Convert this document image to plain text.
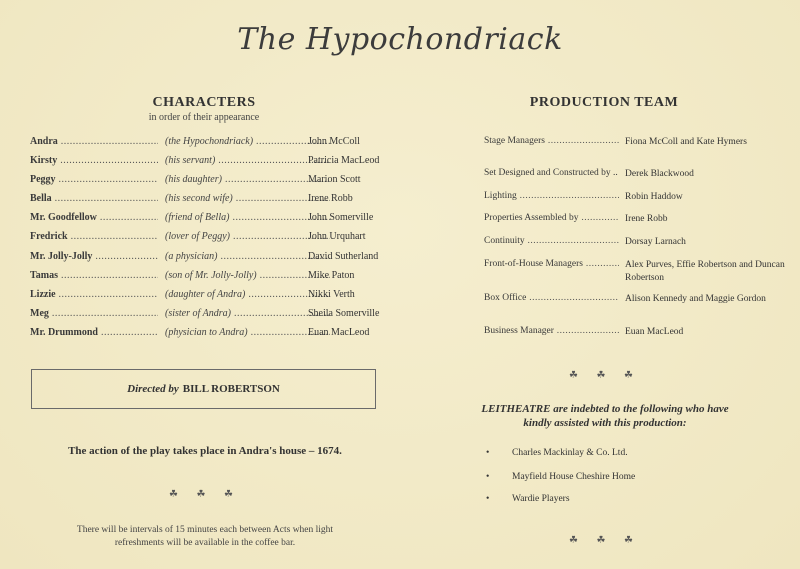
The Hypochondriack
CHARACTERS
in order of their appearance
Andra .....	(the Hypochondriack) .....	John McColl
Kirsty .....	(his servant) .....	Patricia MacLeod
Peggy .....	(his daughter) .....	Marion Scott
Bella .....	(his second wife) .....	Irene Robb
Mr. Goodfellow .....	(friend of Bella) .....	John Somerville
Fredrick .....	(lover of Peggy) .....	John Urquhart
Mr. Jolly-Jolly .....	(a physician) .....	David Sutherland
Tamas .....	(son of Mr. Jolly-Jolly) .....	Mike Paton
Lizzie .....	(daughter of Andra) .....	Nikki Verth
Meg .....	(sister of Andra) .....	Sheila Somerville
Mr. Drummond .....	(physician to Andra) .....	Euan MacLeod
Directed by BILL ROBERTSON
The action of the play takes place in Andra's house – 1674.
☘ ☘ ☘
There will be intervals of 15 minutes each between Acts when light refreshments will be available in the coffee bar.
PRODUCTION TEAM
Stage Managers .....	Fiona McColl and Kate Hymers
Set Designed and Constructed by .. ..... Derek Blackwood
Lighting .....	Robin Haddow
Properties Assembled by .....	Irene Robb
Continuity .....	Dorsay Larnach
Front-of-House Managers .....	Alex Purves, Effie Robertson and Duncan Robertson
Box Office .....	Alison Kennedy and Maggie Gordon
Business Manager .....	Euan MacLeod
☘ ☘ ☘
LEITHEATRE are indebted to the following who have kindly assisted with this production:
• Charles Mackinlay & Co. Ltd.
• Mayfield House Cheshire Home
• Wardie Players
☘ ☘ ☘
